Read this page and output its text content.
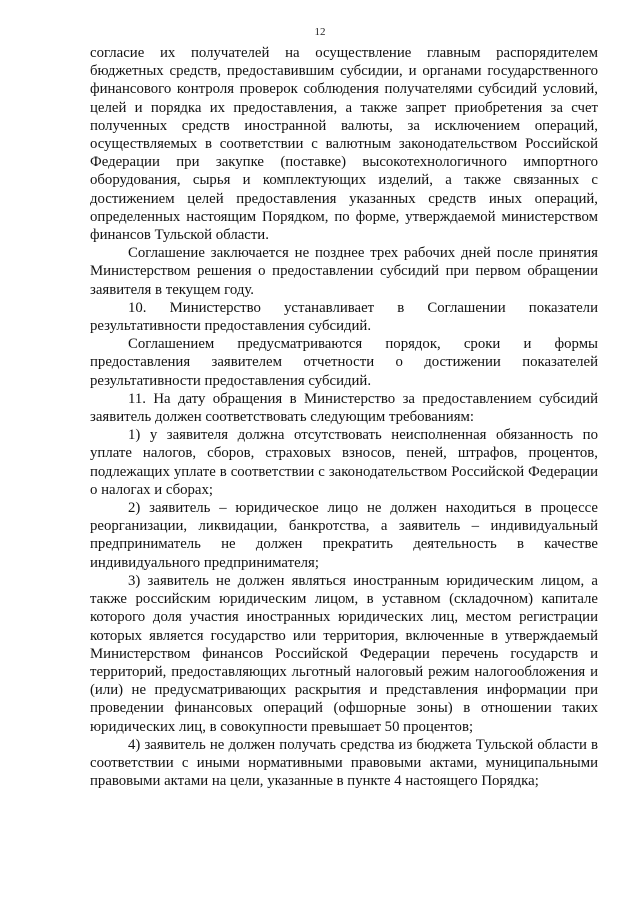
12

согласие их получателей на осуществление главным распорядителем бюджетных средств, предоставившим субсидии, и органами государственного финансового контроля проверок соблюдения получателями субсидий условий, целей и порядка их предоставления, а также запрет приобретения за счет полученных средств иностранной валюты, за исключением операций, осуществляемых в соответствии с валютным законодательством Российской Федерации при закупке (поставке) высокотехнологичного импортного оборудования, сырья и комплектующих изделий, а также связанных с достижением целей предоставления указанных средств иных операций, определенных настоящим Порядком, по форме, утверждаемой министерством финансов Тульской области.

Соглашение заключается не позднее трех рабочих дней после принятия Министерством решения о предоставлении субсидий при первом обращении заявителя в текущем году.

10. Министерство устанавливает в Соглашении показатели результативности предоставления субсидий.

Соглашением предусматриваются порядок, сроки и формы предоставления заявителем отчетности о достижении показателей результативности предоставления субсидий.

11. На дату обращения в Министерство за предоставлением субсидий заявитель должен соответствовать следующим требованиям:

1) у заявителя должна отсутствовать неисполненная обязанность по уплате налогов, сборов, страховых взносов, пеней, штрафов, процентов, подлежащих уплате в соответствии с законодательством Российской Федерации о налогах и сборах;

2) заявитель – юридическое лицо не должен находиться в процессе реорганизации, ликвидации, банкротства, а заявитель – индивидуальный предприниматель не должен прекратить деятельность в качестве индивидуального предпринимателя;

3) заявитель не должен являться иностранным юридическим лицом, а также российским юридическим лицом, в уставном (складочном) капитале которого доля участия иностранных юридических лиц, местом регистрации которых является государство или территория, включенные в утверждаемый Министерством финансов Российской Федерации перечень государств и территорий, предоставляющих льготный налоговый режим налогообложения и (или) не предусматривающих раскрытия и представления информации при проведении финансовых операций (офшорные зоны) в отношении таких юридических лиц, в совокупности превышает 50 процентов;

4) заявитель не должен получать средства из бюджета Тульской области в соответствии с иными нормативными правовыми актами, муниципальными правовыми актами на цели, указанные в пункте 4 настоящего Порядка;
